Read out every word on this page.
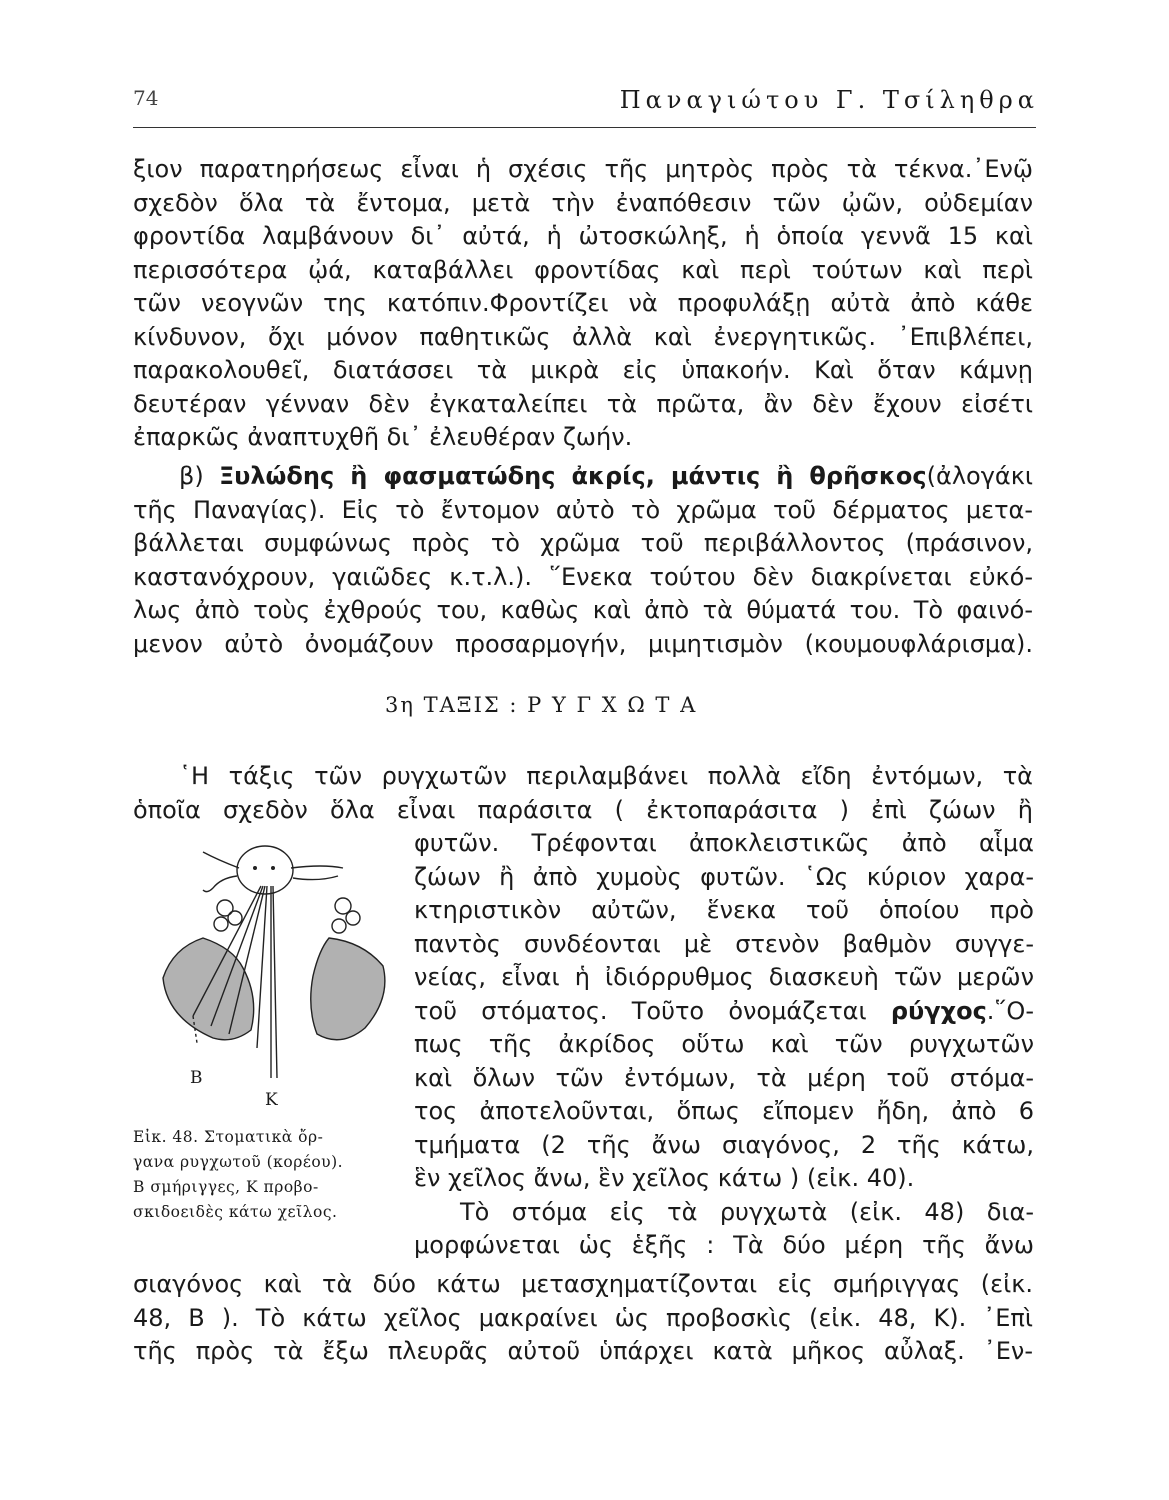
74	Παναγιώτου Γ. Τσίληθρα
ξιον παρατηρήσεως εἶναι ἡ σχέσις τῆς μητρὸς πρὸς τὰ τέκνα.᾿Ενῷ
σχεδὸν ὅλα τὰ ἔντομα, μετὰ τὴν ἐναπόθεσιν τῶν ᾠῶν, οὐδεμίαν
φροντίδα λαμβάνουν δι᾿ αὐτά, ἡ ὠτοσκώληξ, ἡ ὁποία γεννᾶ 15 καὶ
περισσότερα ᾠά, καταβάλλει φροντίδας καὶ περὶ τούτων καὶ περὶ
τῶν νεογνῶν της κατόπιν.Φροντίζει νὰ προφυλάξῃ αὐτὰ ἀπὸ κάθε
κίνδυνον, ὄχι μόνον παθητικῶς ἀλλὰ καὶ ἐνεργητικῶς. ᾿Επιβλέπει,
παρακολουθεῖ, διατάσσει τὰ μικρὰ εἰς ὑπακοήν. Καὶ ὅταν κάμνῃ
δευτέραν γένναν δὲν ἐγκαταλείπει τὰ πρῶτα, ἂν δὲν ἔχουν εἰσέτι
ἐπαρκῶς ἀναπτυχθῆ δι᾿ ἐλευθέραν ζωήν.
β) Ξυλώδης ἢ φασματώδης ἀκρίς, μάντις ἢ θρῆσκος(ἀλογάκι
τῆς Παναγίας). Εἰς τὸ ἔντομον αὐτὸ τὸ χρῶμα τοῦ δέρματος μετα-
βάλλεται συμφώνως πρὸς τὸ χρῶμα τοῦ περιβάλλοντος (πράσινον,
καστανόχρουν, γαιῶδες κ.τ.λ.). ῞Ενεκα τούτου δὲν διακρίνεται εὐκό-
λως ἀπὸ τοὺς ἐχθρούς του, καθὼς καὶ ἀπὸ τὰ θύματά του. Τὸ φαινό-
μενον αὐτὸ ὀνομάζουν προσαρμογήν, μιμητισμὸν (κουμουφλάρισμα).
3η ΤΑΞΙΣ : Ρ Υ Γ Χ Ω Τ Α
῾Η τάξις τῶν ρυγχωτῶν περιλαμβάνει πολλὰ εἴδη ἐντόμων, τὰ
ὁποῖα σχεδὸν ὅλα εἶναι παράσιτα ( ἐκτοπαράσιτα ) ἐπὶ ζώων ἢ
φυτῶν. Τρέφονται ἀποκλειστικῶς ἀπὸ αἷμα
ζώων ἢ ἀπὸ χυμοὺς φυτῶν. ῾Ως κύριον χαρα-
κτηριστικὸν αὐτῶν, ἕνεκα τοῦ ὁποίου πρὸ
παντὸς συνδέονται μὲ στενὸν βαθμὸν συγγε-
νείας, εἶναι ἡ ἰδιόρρυθμος διασκευὴ τῶν μερῶν
τοῦ στόματος. Τοῦτο ὀνομάζεται ρύγχος.῞Ο-
πως τῆς ἀκρίδος οὕτω καὶ τῶν ρυγχωτῶν
καὶ ὅλων τῶν ἐντόμων, τὰ μέρη τοῦ στόμα-
τος ἀποτελοῦνται, ὅπως εἴπομεν ἤδη, ἀπὸ 6
τμήματα (2 τῆς ἄνω σιαγόνος, 2 τῆς κάτω,
ἓν χεῖλος ἄνω, ἓν χεῖλος κάτω ) (εἰκ. 40).
Τὸ στόμα εἰς τὰ ρυγχωτὰ (εἰκ. 48) δια-
μορφώνεται ὡς ἑξῆς : Τὰ δύο μέρη τῆς ἄνω
Β
Κ
Εἰκ. 48. Στοματικὰ ὄρ-
γανα ρυγχωτοῦ (κορέου).
Β σμήριγγες, Κ προβο-
σκιδοειδὲς κάτω χεῖλος.
σιαγόνος καὶ τὰ δύο κάτω μετασχηματίζονται εἰς σμήριγγας (εἰκ.
48, Β ). Τὸ κάτω χεῖλος μακραίνει ὡς προβοσκὶς (εἰκ. 48, Κ). ᾿Επὶ
τῆς πρὸς τὰ ἔξω πλευρᾶς αὐτοῦ ὑπάρχει κατὰ μῆκος αὖλαξ. ᾿Εν-
